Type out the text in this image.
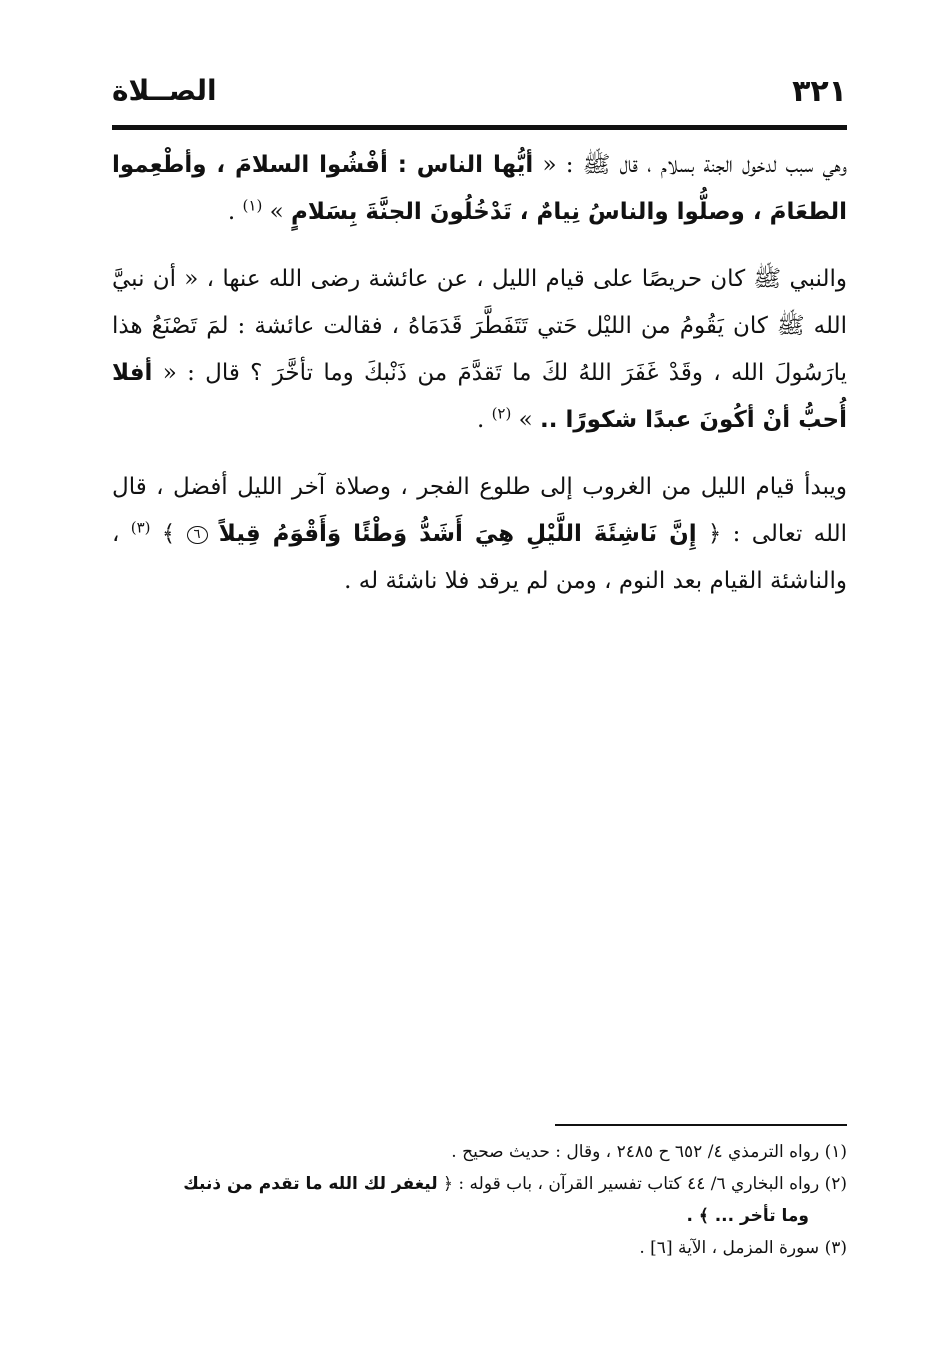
٣٢١
الصــلاة

وهي سبب لدخول الجنة بسلام ، قال ﷺ : « أيُّها الناس : أفْشُوا السلامَ ، وأطْعِموا الطعَامَ ، وصلُّوا والناسُ نِيامٌ ، تَدْخُلُونَ الجنَّةَ بِسَلامٍ » $^{(١)}$ .

والنبي ﷺ كان حريصًا على قيام الليل ، عن عائشة رضى الله عنها ، « أن نبيَّ الله ﷺ كان يَقُومُ من الليْل حَتي تَتَفَطَّرَ قَدَمَاهُ ، فقالت عائشة : لمَ تَصْنَعُ هذا يارَسُولَ الله ، وقَدْ غَفَرَ اللهُ لكَ ما تَقدَّمَ من ذَنْبكَ وما تأخَّرَ ؟ قال : « أفلا أُحبُّ أنْ أكُونَ عبدًا شكورًا .. » $^{(٢)}$ .

ويبدأ قيام الليل من الغروب إلى طلوع الفجر ، وصلاة آخر الليل أفضل ، قال الله تعالى : ﴿ إِنَّ نَاشِئَةَ اللَّيْلِ هِيَ أَشَدُّ وَطْئًا وَأَقْوَمُ قِيلاً ٦ ﴾ $^{(٣)}$ ، والناشئة القيام بعد النوم ، ومن لم يرقد فلا ناشئة له .

(١) رواه الترمذي ٤/ ٦٥٢ ح ٢٤٨٥ ، وقال : حديث صحيح .

(٢) رواه البخاري ٦/ ٤٤ كتاب تفسير القرآن ، باب قوله : ﴿ ليغفر لك الله ما تقدم من ذنبك

وما تأخر ... ﴾ .

(٣) سورة المزمل ، الآية [٦] .
